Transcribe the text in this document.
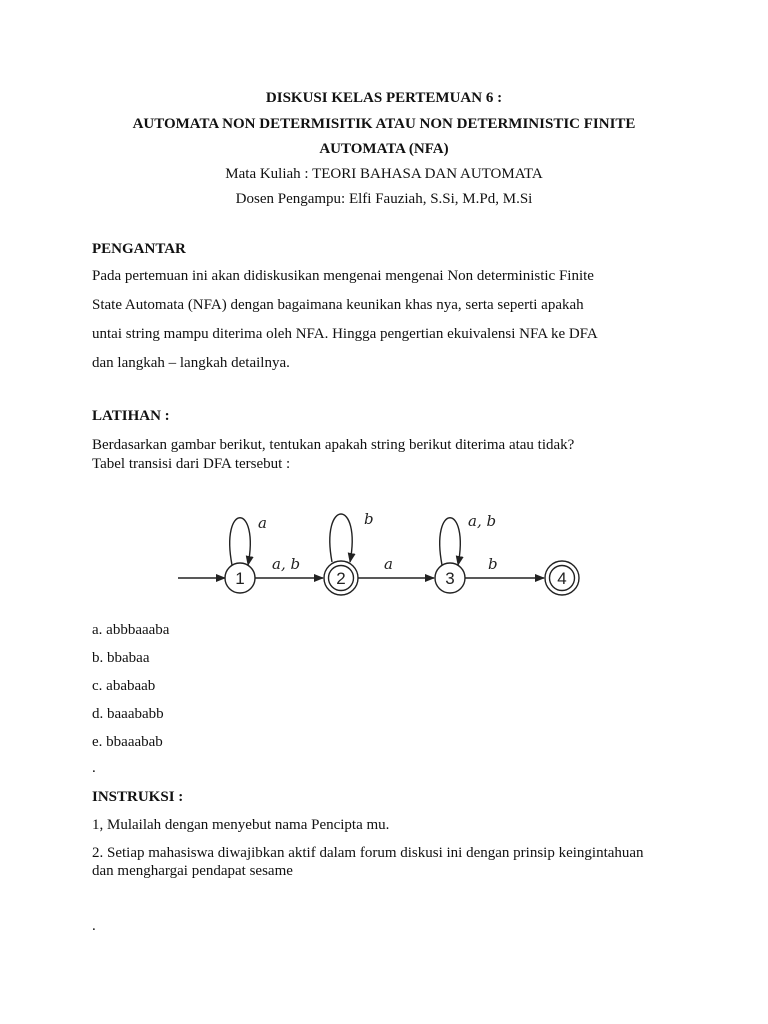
DISKUSI KELAS PERTEMUAN 6 :
AUTOMATA NON DETERMISITIK ATAU NON DETERMINISTIC FINITE
AUTOMATA (NFA)
Mata Kuliah : TEORI BAHASA DAN AUTOMATA
Dosen Pengampu: Elfi Fauziah, S.Si, M.Pd, M.Si
PENGANTAR
Pada pertemuan ini akan didiskusikan mengenai mengenai Non deterministic Finite
State Automata (NFA) dengan bagaimana keunikan khas nya, serta seperti apakah
untai string mampu diterima oleh NFA. Hingga pengertian ekuivalensi NFA ke DFA
dan langkah – langkah detailnya.
LATIHAN :
Berdasarkan gambar berikut, tentukan apakah string berikut diterima atau tidak?
Tabel transisi dari DFA tersebut :
1	2	3	4
a	b	a, b
a, b	a	b
a. abbbaaaba
b. bbabaa
c. ababaab
d. baaababb
e. bbaaabab
.
INSTRUKSI :
1, Mulailah dengan menyebut nama Pencipta mu.
2. Setiap mahasiswa diwajibkan aktif dalam forum diskusi ini dengan prinsip keingintahuan
dan menghargai pendapat sesame
.
